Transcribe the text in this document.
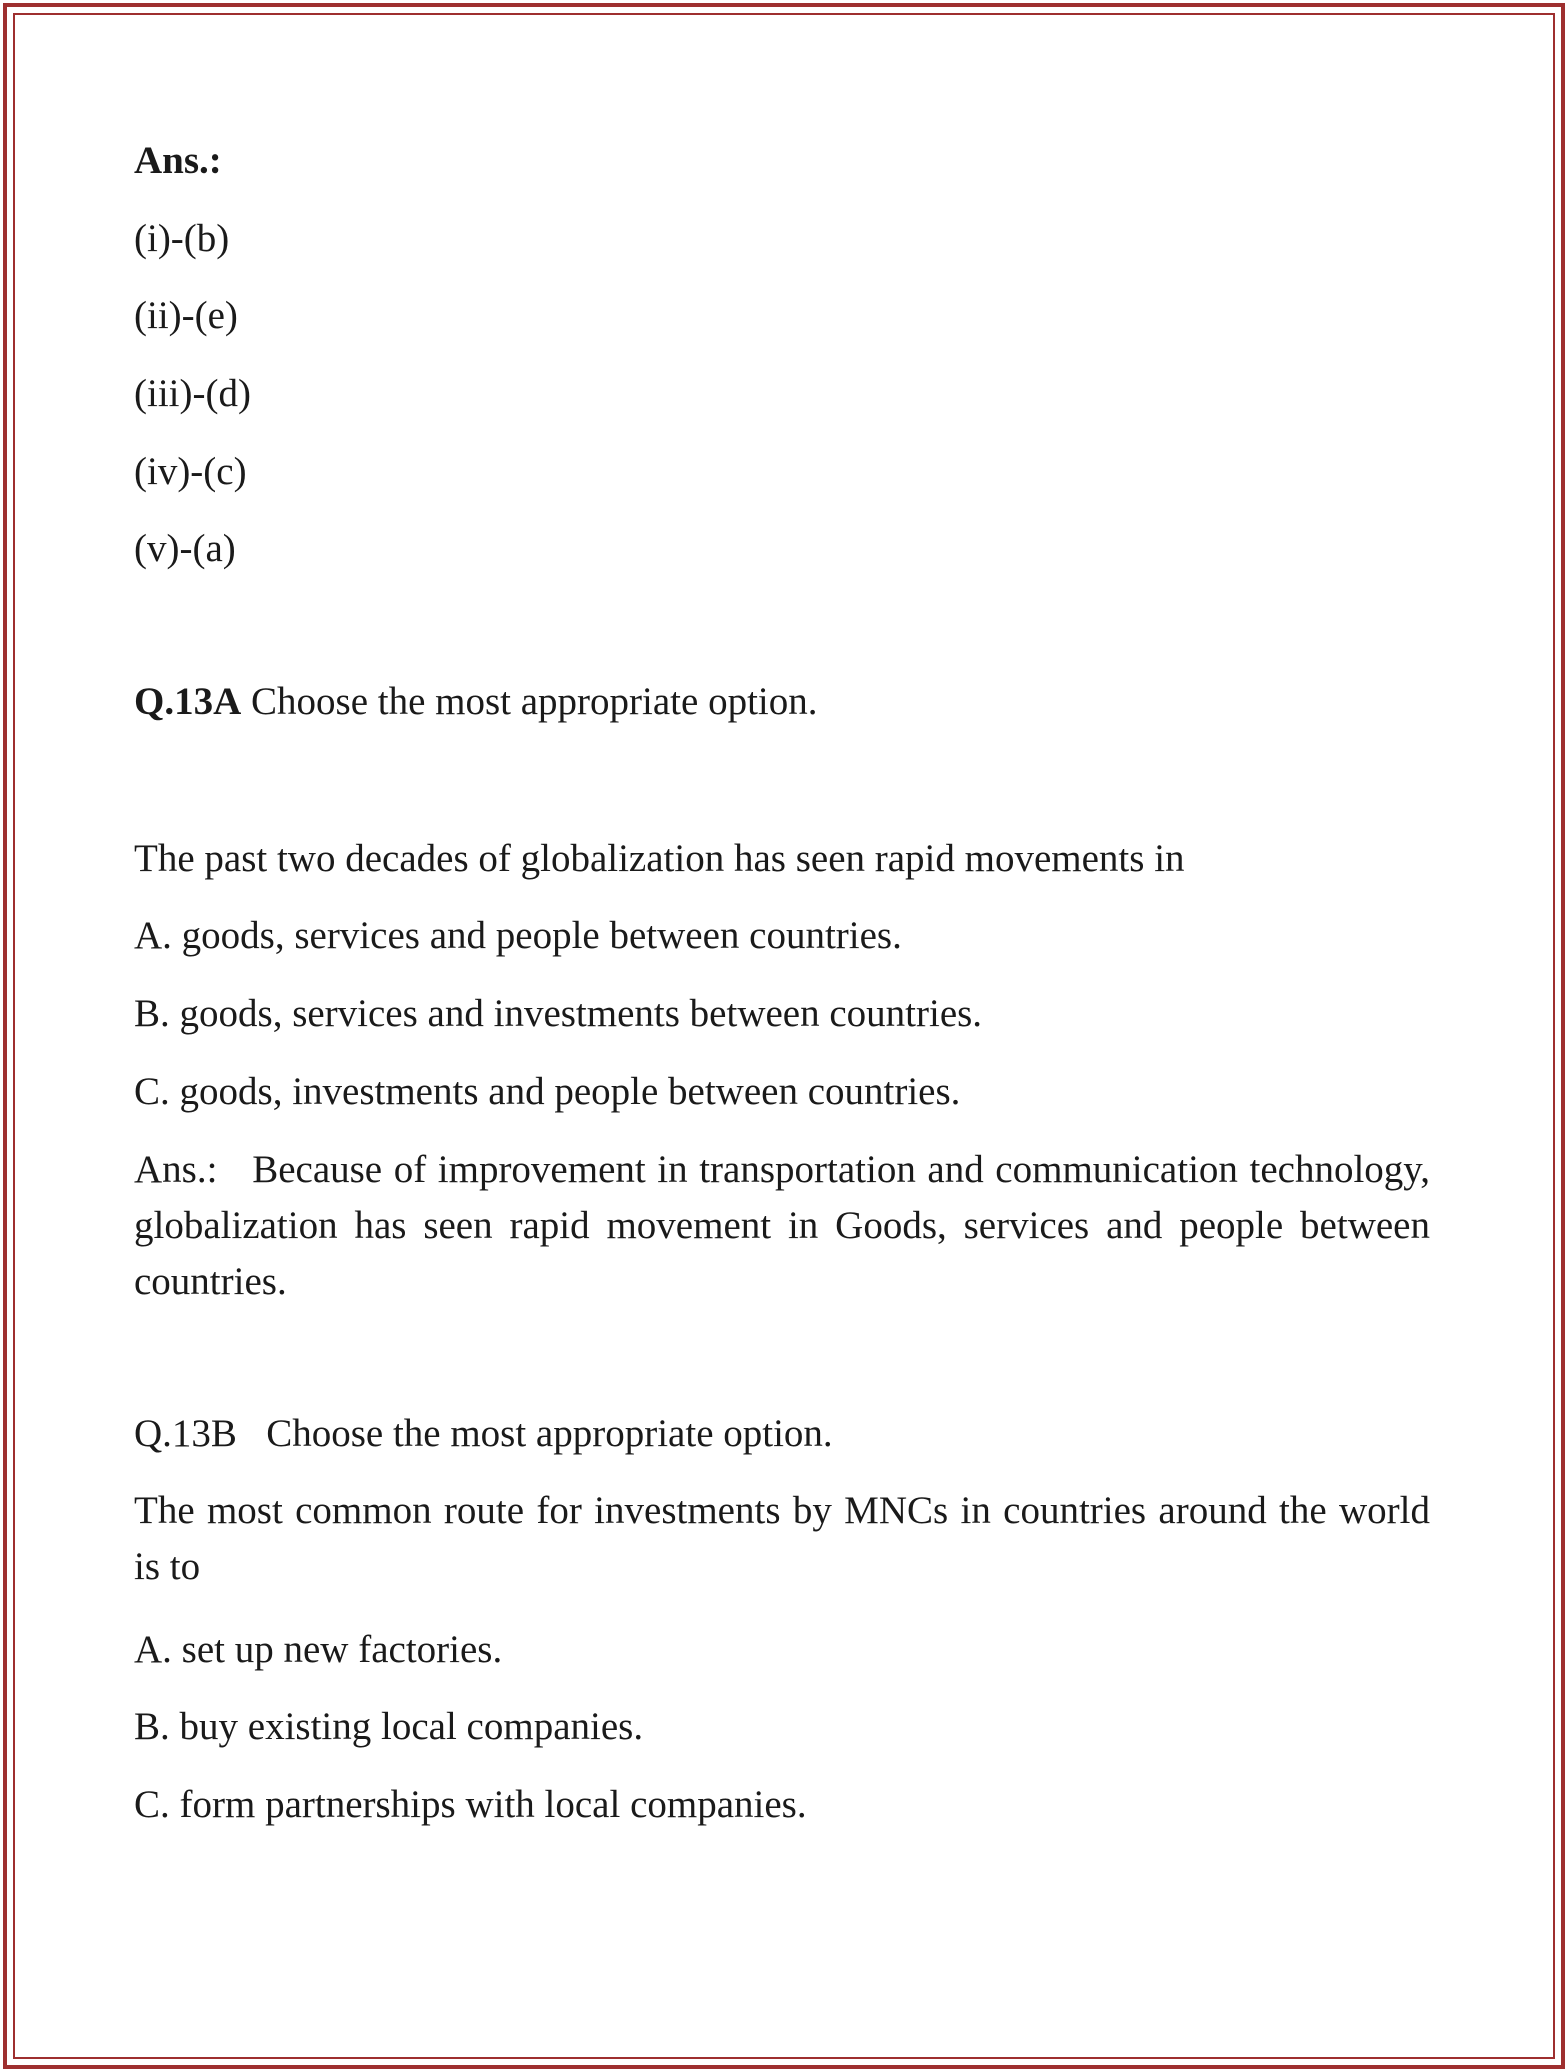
Ans.:
(i)-(b)
(ii)-(e)
(iii)-(d)
(iv)-(c)
(v)-(a)
Q.13A Choose the most appropriate option.
The past two decades of globalization has seen rapid movements in
A. goods, services and people between countries.
B. goods, services and investments between countries.
C. goods, investments and people between countries.
Ans.: Because of improvement in transportation and communication technology, globalization has seen rapid movement in Goods, services and people between countries.
Q.13B Choose the most appropriate option.
The most common route for investments by MNCs in countries around the world is to
A. set up new factories.
B. buy existing local companies.
C. form partnerships with local companies.
